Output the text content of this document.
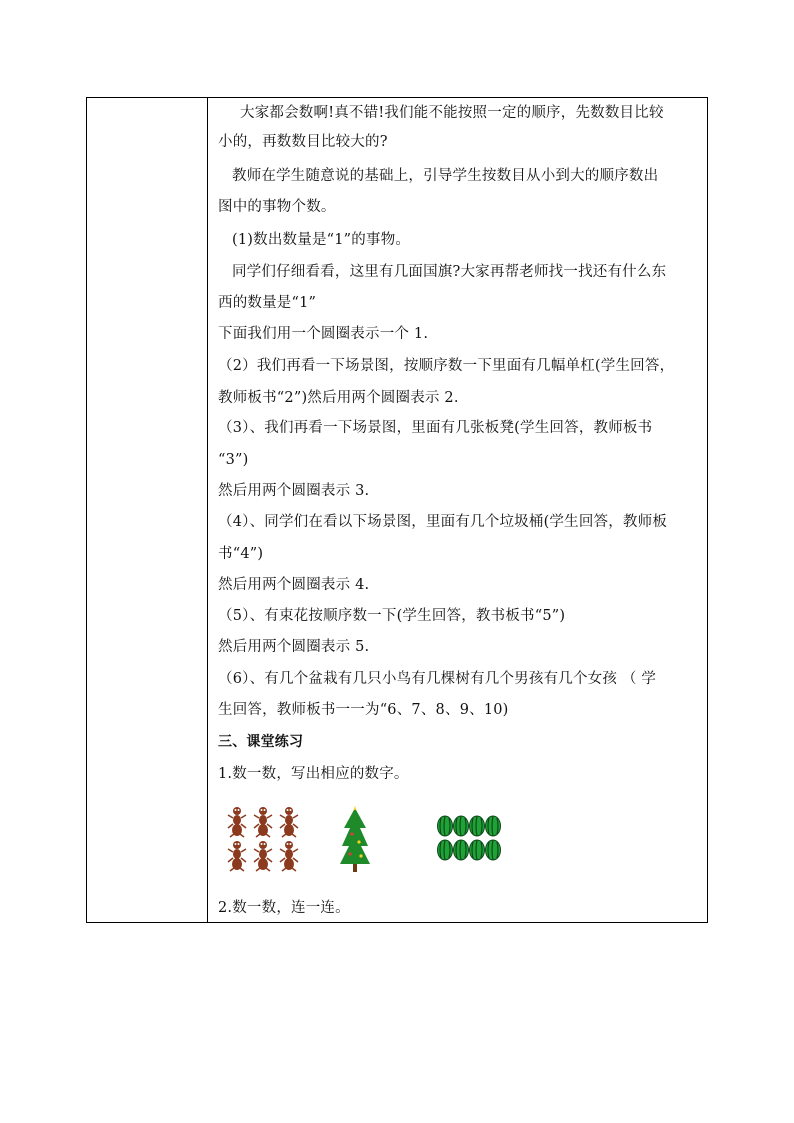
大家都会数啊!真不错!我们能不能按照一定的顺序，先数数目比较
小的，再数数目比较大的?
教师在学生随意说的基础上，引导学生按数目从小到大的顺序数出
图中的事物个数。
(1)数出数量是“1”的事物。
同学们仔细看看，这里有几面国旗?大家再帮老师找一找还有什么东
西的数量是“1”
下面我们用一个圆圈表示一个 1.
（2）我们再看一下场景图，按顺序数一下里面有几幅单杠(学生回答，
教师板书“2”)然后用两个圆圈表示 2.
（3）、我们再看一下场景图，里面有几张板凳(学生回答，教师板书
“3”)
然后用两个圆圈表示 3.
（4）、同学们在看以下场景图，里面有几个垃圾桶(学生回答，教师板
书“4”)
然后用两个圆圈表示 4.
（5）、有束花按顺序数一下(学生回答，教书板书“5”)
然后用两个圆圈表示 5.
（6）、有几个盆栽有几只小鸟有几棵树有几个男孩有几个女孩 （ 学
生回答，教师板书一一为“6、7、8、9、10)
三、课堂练习
1.数一数，写出相应的数字。
2.数一数，连一连。
